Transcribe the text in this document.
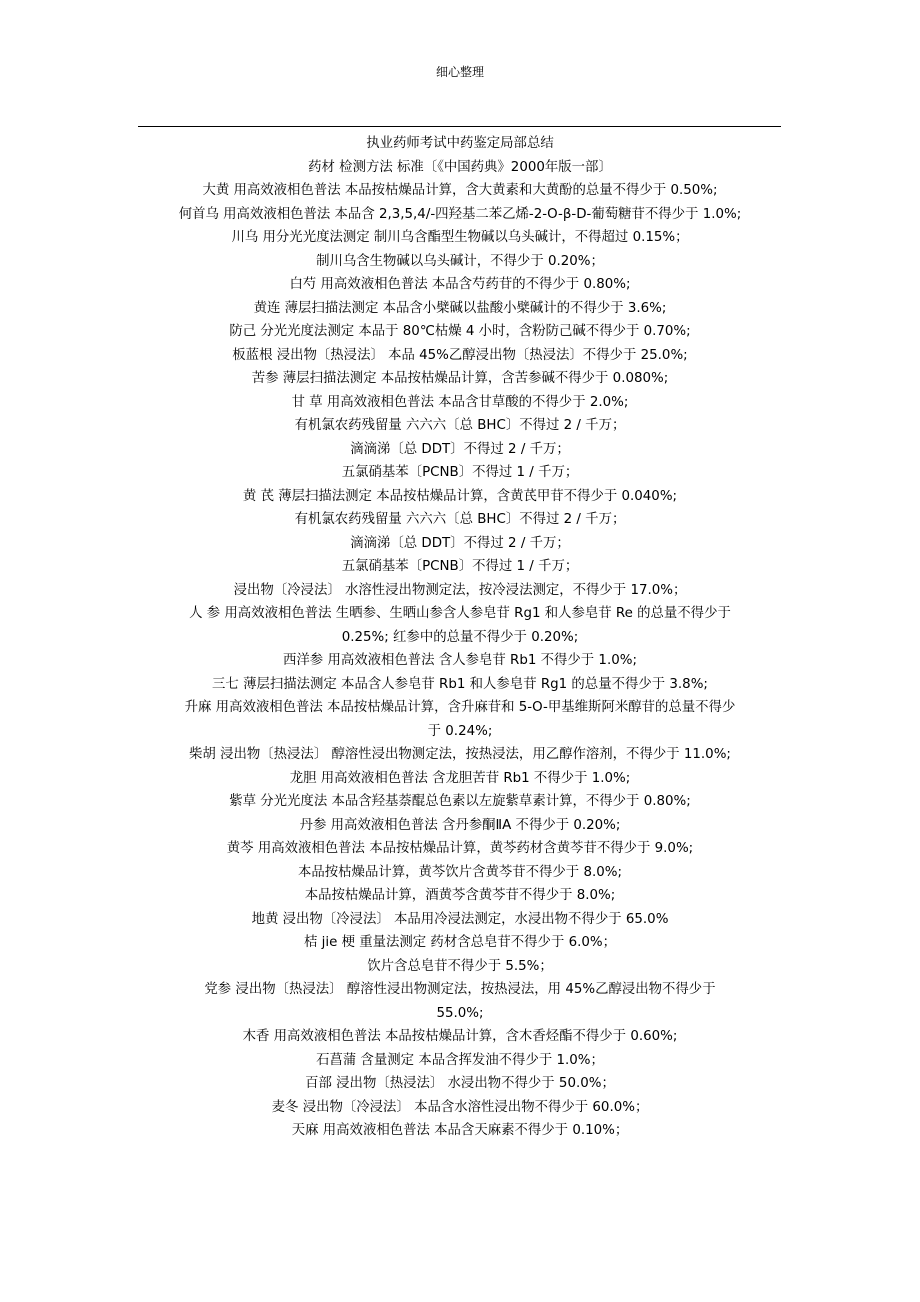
细心整理
执业药师考试中药鉴定局部总结
药材 检测方法 标准〔《中国药典》2000年版一部〕
大黄 用高效液相色普法 本品按枯燥品计算，含大黄素和大黄酚的总量不得少于 0.50%;
何首乌 用高效液相色普法 本品含 2,3,5,4/-四羟基二苯乙烯-2-O-β-D-葡萄糖苷不得少于 1.0%;
川乌 用分光光度法测定 制川乌含酯型生物碱以乌头碱计，不得超过 0.15%；
制川乌含生物碱以乌头碱计，不得少于 0.20%；
白芍 用高效液相色普法 本品含芍药苷的不得少于 0.80%;
黄连 薄层扫描法测定 本品含小檗碱以盐酸小檗碱计的不得少于 3.6%;
防己 分光光度法测定 本品于 80℃枯燥 4 小时，含粉防己碱不得少于 0.70%;
板蓝根 浸出物〔热浸法〕 本品 45%乙醇浸出物〔热浸法〕不得少于 25.0%;
苦参 薄层扫描法测定 本品按枯燥品计算，含苦参碱不得少于 0.080%;
甘 草 用高效液相色普法 本品含甘草酸的不得少于 2.0%;
有机氯农药残留量 六六六〔总 BHC〕不得过 2 / 千万；
滴滴涕〔总 DDT〕不得过 2 / 千万；
五氯硝基苯〔PCNB〕不得过 1 / 千万；
黄 芪 薄层扫描法测定 本品按枯燥品计算，含黄芪甲苷不得少于 0.040%;
有机氯农药残留量 六六六〔总 BHC〕不得过 2 / 千万；
滴滴涕〔总 DDT〕不得过 2 / 千万；
五氯硝基苯〔PCNB〕不得过 1 / 千万；
浸出物〔冷浸法〕 水溶性浸出物测定法，按冷浸法测定，不得少于 17.0%；
人 参 用高效液相色普法 生晒参、生晒山参含人参皂苷 Rg1 和人参皂苷 Re 的总量不得少于
0.25%; 红参中的总量不得少于 0.20%;
西洋参 用高效液相色普法 含人参皂苷 Rb1 不得少于 1.0%;
三七 薄层扫描法测定 本品含人参皂苷 Rb1 和人参皂苷 Rg1 的总量不得少于 3.8%;
升麻 用高效液相色普法 本品按枯燥品计算，含升麻苷和 5-O-甲基维斯阿米醇苷的总量不得少
于 0.24%;
柴胡 浸出物〔热浸法〕 醇溶性浸出物测定法，按热浸法，用乙醇作溶剂，不得少于 11.0%;
龙胆 用高效液相色普法 含龙胆苦苷 Rb1 不得少于 1.0%;
紫草 分光光度法 本品含羟基萘醌总色素以左旋紫草素计算，不得少于 0.80%;
丹参 用高效液相色普法 含丹参酮ⅡA 不得少于 0.20%;
黄芩 用高效液相色普法 本品按枯燥品计算，黄芩药材含黄芩苷不得少于 9.0%;
本品按枯燥品计算，黄芩饮片含黄芩苷不得少于 8.0%;
本品按枯燥品计算，酒黄芩含黄芩苷不得少于 8.0%;
地黄 浸出物〔冷浸法〕 本品用冷浸法测定，水浸出物不得少于 65.0%
桔 jie 梗 重量法测定 药材含总皂苷不得少于 6.0%；
饮片含总皂苷不得少于 5.5%；
党参 浸出物〔热浸法〕 醇溶性浸出物测定法，按热浸法，用 45%乙醇浸出物不得少于
55.0%;
木香 用高效液相色普法 本品按枯燥品计算，含木香烃酯不得少于 0.60%;
石菖蒲 含量测定 本品含挥发油不得少于 1.0%；
百部 浸出物〔热浸法〕 水浸出物不得少于 50.0%；
麦冬 浸出物〔冷浸法〕 本品含水溶性浸出物不得少于 60.0%；
天麻 用高效液相色普法 本品含天麻素不得少于 0.10%；
